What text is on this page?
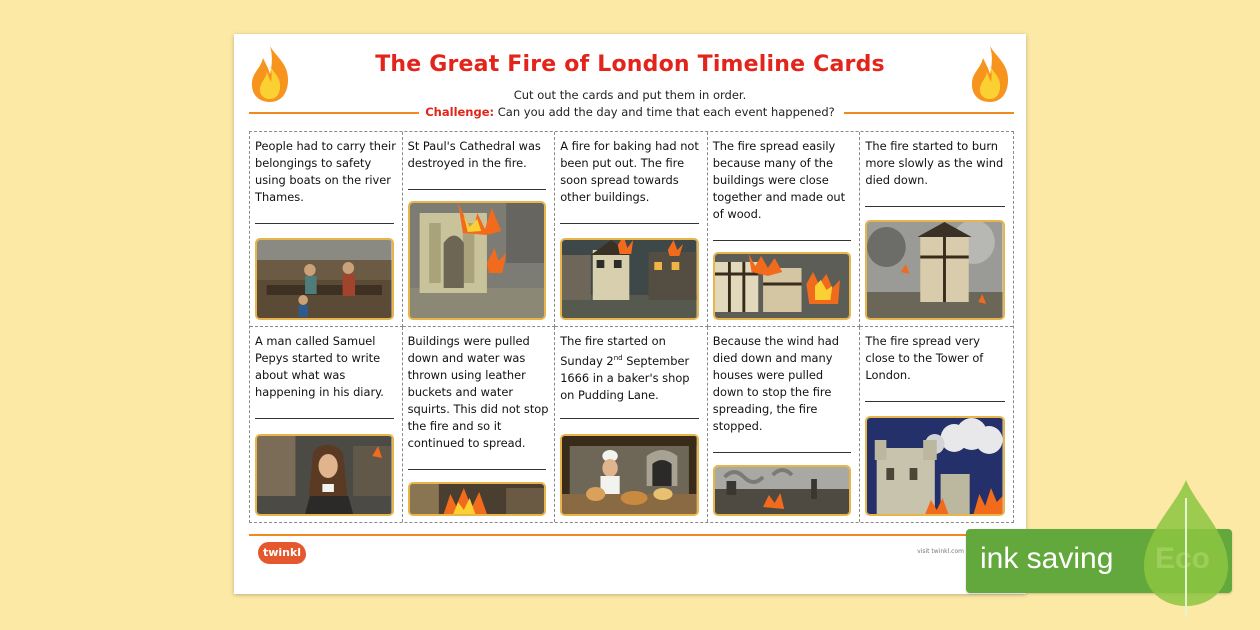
The Great Fire of London Timeline Cards
Cut out the cards and put them in order.
Challenge: Can you add the day and time that each event happened?
People had to carry their belongings to safety using boats on the river Thames.
St Paul's Cathedral was destroyed in the fire.
A fire for baking had not been put out. The fire soon spread towards other buildings.
The fire spread easily because many of the buildings were close together and made out of wood.
The fire started to burn more slowly as the wind died down.
A man called Samuel Pepys started to write about what was happening in his diary.
Buildings were pulled down and water was thrown using leather buckets and water squirts. This did not stop the fire and so it continued to spread.
The fire started on Sunday 2nd September 1666 in a baker's shop on Pudding Lane.
Because the wind had died down and many houses were pulled down to stop the fire spreading, the fire stopped.
The fire spread very close to the Tower of London.
twinkl	visit twinkl.com ink saving
